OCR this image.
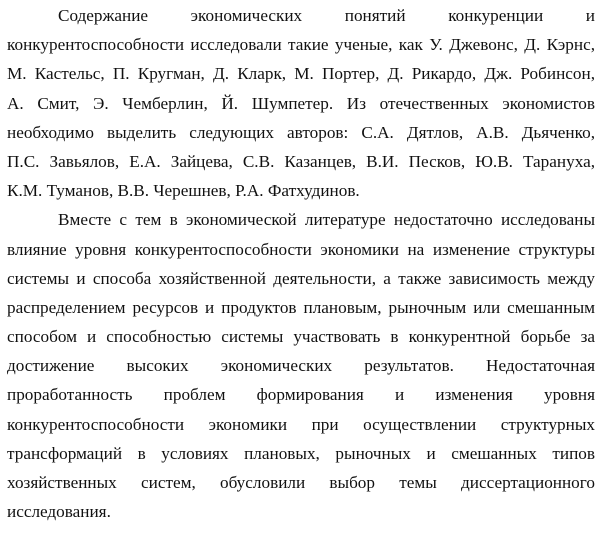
Содержание экономических понятий конкуренции и
конкурентоспособности исследовали такие ученые, как У. Джевонс, Д. Кэрнс,
М. Кастельс, П. Кругман, Д. Кларк, М. Портер, Д. Рикардо, Дж. Робинсон,
А. Смит, Э. Чемберлин, Й. Шумпетер. Из отечественных экономистов
необходимо выделить следующих авторов: С.А. Дятлов, А.В. Дьяченко,
П.С. Завьялов, Е.А. Зайцева, С.В. Казанцев, В.И. Песков, Ю.В. Тарануха,
К.М. Туманов, В.В. Черешнев, Р.А. Фатхудинов.
Вместе с тем в экономической литературе недостаточно исследованы
влияние уровня конкурентоспособности экономики на изменение структуры
системы и способа хозяйственной деятельности, а также зависимость между
распределением ресурсов и продуктов плановым, рыночным или смешанным
способом и способностью системы участвовать в конкурентной борьбе за
достижение высоких экономических результатов. Недостаточная
проработанность проблем формирования и изменения уровня
конкурентоспособности экономики при осуществлении структурных
трансформаций в условиях плановых, рыночных и смешанных типов
хозяйственных систем, обусловили выбор темы диссертационного
исследования.
